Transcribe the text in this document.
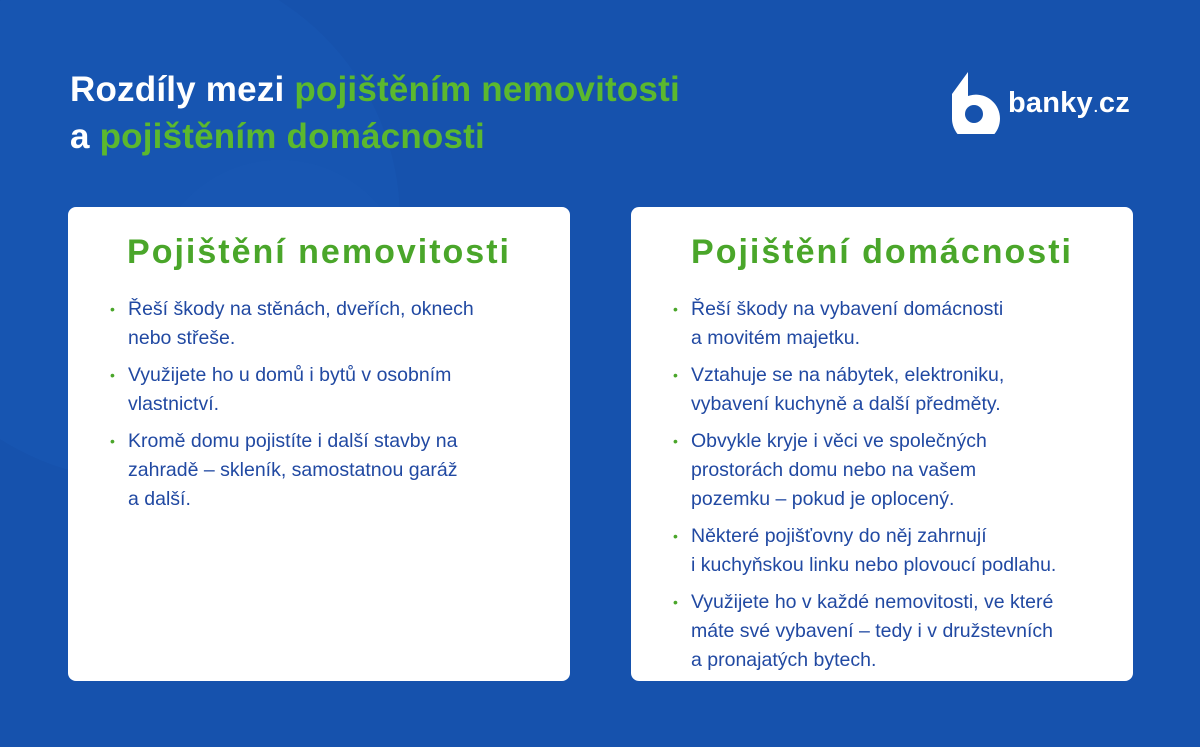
Rozdíly mezi pojištěním nemovitosti
a pojištěním domácnosti
banky.cz
Pojištění nemovitosti
• Řeší škody na stěnách, dveřích, oknech
nebo střeše.
• Využijete ho u domů i bytů v osobním
vlastnictví.
• Kromě domu pojistíte i další stavby na
zahradě – skleník, samostatnou garáž
a další.
Pojištění domácnosti
• Řeší škody na vybavení domácnosti
a movitém majetku.
• Vztahuje se na nábytek, elektroniku,
vybavení kuchyně a další předměty.
• Obvykle kryje i věci ve společných
prostorách domu nebo na vašem
pozemku – pokud je oplocený.
• Některé pojišťovny do něj zahrnují
i kuchyňskou linku nebo plovoucí podlahu.
• Využijete ho v každé nemovitosti, ve které
máte své vybavení – tedy i v družstevních
a pronajatých bytech.
